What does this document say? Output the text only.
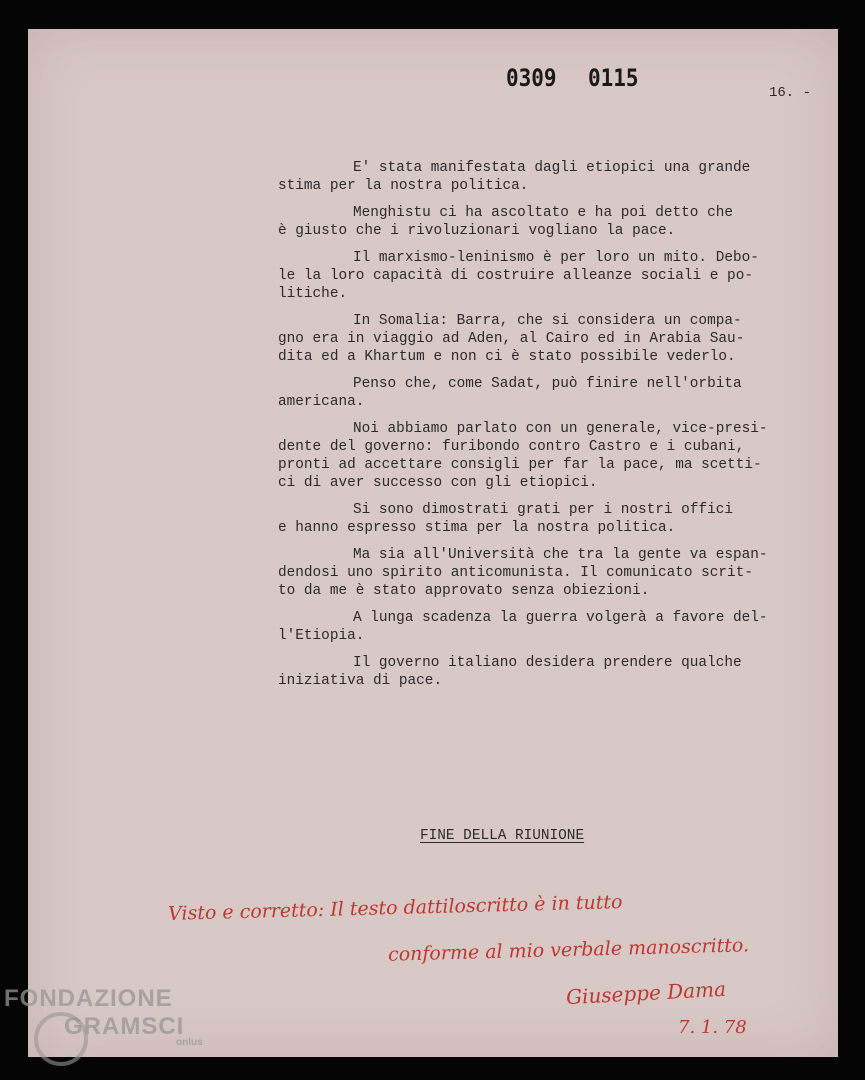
0309 0115
16. -
E' stata manifestata dagli etiopici una grande
stima per la nostra politica.
Menghistu ci ha ascoltato e ha poi detto che
è giusto che i rivoluzionari vogliano la pace.
Il marxismo-leninismo è per loro un mito. Debo-
le la loro capacità di costruire alleanze sociali e po-
litiche.
In Somalia: Barra, che si considera un compa-
gno era in viaggio ad Aden, al Cairo ed in Arabia Sau-
dita ed a Khartum e non ci è stato possibile vederlo.
Penso che, come Sadat, può finire nell'orbita
americana.
Noi abbiamo parlato con un generale, vice-presi-
dente del governo: furibondo contro Castro e i cubani,
pronti ad accettare consigli per far la pace, ma scetti-
ci di aver successo con gli etiopici.
Si sono dimostrati grati per i nostri offici
e hanno espresso stima per la nostra politica.
Ma sia all'Università che tra la gente va espan-
dendosi uno spirito anticomunista. Il comunicato scrit-
to da me è stato approvato senza obiezioni.
A lunga scadenza la guerra volgerà a favore del-
l'Etiopia.
Il governo italiano desidera prendere qualche
iniziativa di pace.
FINE DELLA RIUNIONE
Visto e corretto: Il testo dattiloscritto è in tutto
conforme al mio verbale manoscritto.
Giuseppe Dama
7. 1. 78
FONDAZIONE
GRAMSCI
onlus
